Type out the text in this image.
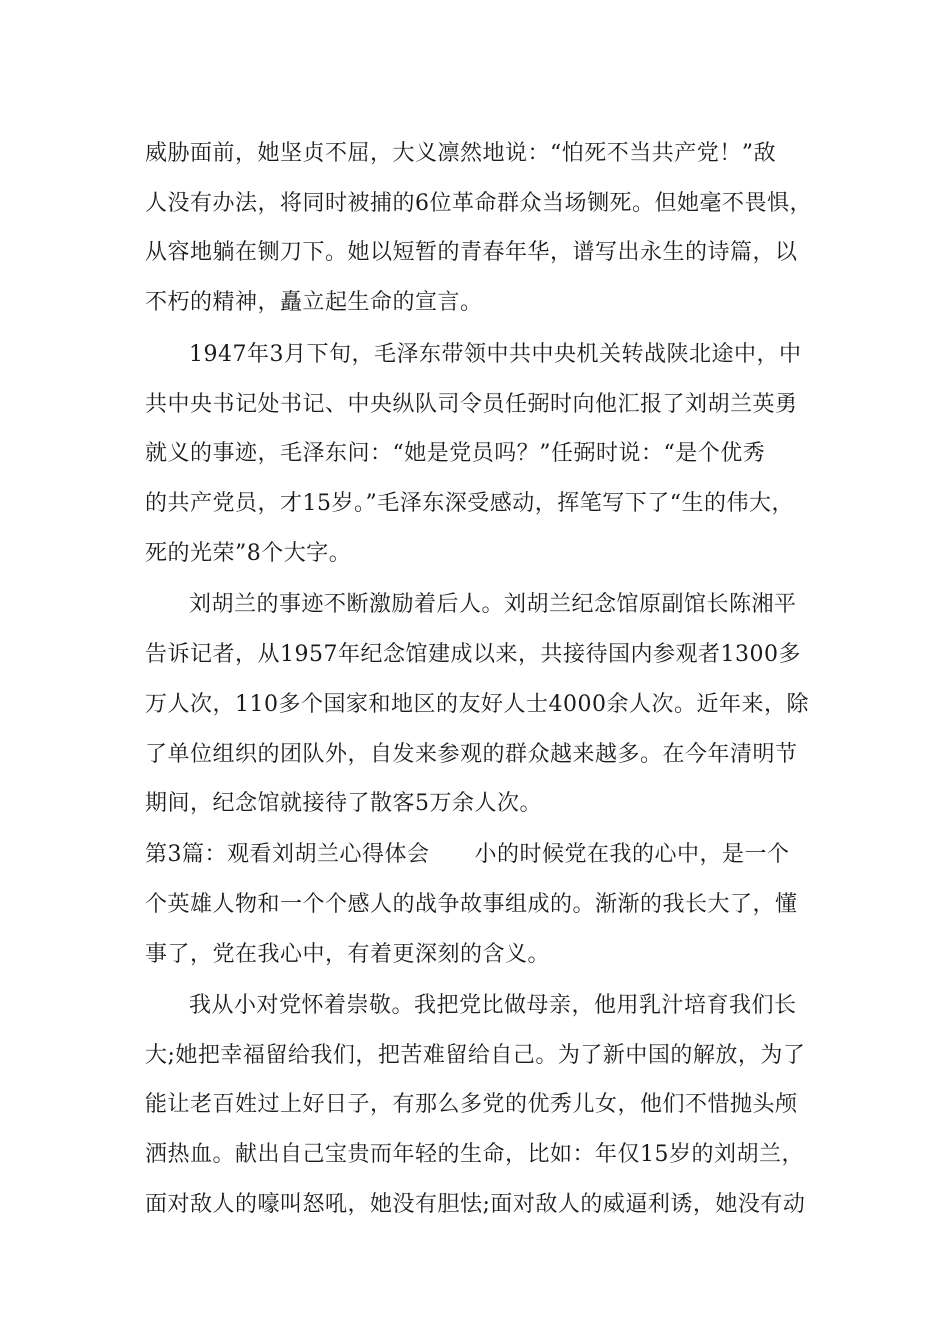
威胁面前，她坚贞不屈，大义凛然地说：“怕死不当共产党！”敌
人没有办法，将同时被捕的6位革命群众当场铡死。但她毫不畏惧，
从容地躺在铡刀下。她以短暂的青春年华，谱写出永生的诗篇，以
不朽的精神，矗立起生命的宣言。
1947年3月下旬，毛泽东带领中共中央机关转战陕北途中，中
共中央书记处书记、中央纵队司令员任弼时向他汇报了刘胡兰英勇
就义的事迹，毛泽东问：“她是党员吗？”任弼时说：“是个优秀
的共产党员，才15岁。”毛泽东深受感动，挥笔写下了“生的伟大，
死的光荣”8个大字。
刘胡兰的事迹不断激励着后人。刘胡兰纪念馆原副馆长陈湘平
告诉记者，从1957年纪念馆建成以来，共接待国内参观者1300多
万人次，110多个国家和地区的友好人士4000余人次。近年来，除
了单位组织的团队外，自发来参观的群众越来越多。在今年清明节
期间，纪念馆就接待了散客5万余人次。
第3篇：观看刘胡兰心得体会　　小的时候党在我的心中，是一个
个英雄人物和一个个感人的战争故事组成的。渐渐的我长大了，懂
事了，党在我心中，有着更深刻的含义。
我从小对党怀着崇敬。我把党比做母亲，他用乳汁培育我们长
大;她把幸福留给我们，把苦难留给自己。为了新中国的解放，为了
能让老百姓过上好日子，有那么多党的优秀儿女，他们不惜抛头颅
洒热血。献出自己宝贵而年轻的生命，比如：年仅15岁的刘胡兰，
面对敌人的嚎叫怒吼，她没有胆怯;面对敌人的威逼利诱，她没有动
